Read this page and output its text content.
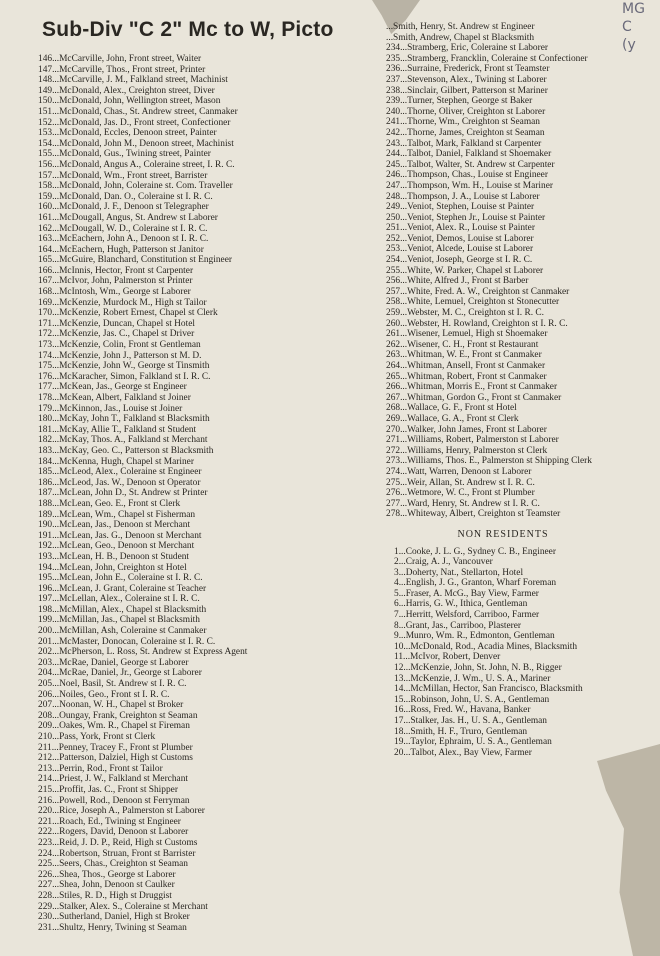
MG
C
(y
Sub-Div "C 2" Mc to W, Picto
146...McCarville, John, Front street, Waiter
147...McCarville, Thos., Front street, Printer
148...McCarville, J. M., Falkland street, Machinist
149...McDonald, Alex., Creighton street, Diver
150...McDonald, John, Wellington street, Mason
151...McDonald, Chas., St. Andrew street, Canmaker
152...McDonald, Jas. D., Front street, Confectioner
153...McDonald, Eccles, Denoon street, Painter
154...McDonald, John M., Denoon street, Machinist
155...McDonald, Gus., Twining street, Painter
156...McDonald, Angus A., Coleraine street, I. R. C.
157...McDonald, Wm., Front street, Barrister
158...McDonald, John, Coleraine st. Com. Traveller
159...McDonald, Dan. O., Coleraine st I. R. C.
160...McDonald, J. F., Denoon st Telegrapher
161...McDougall, Angus, St. Andrew st Laborer
162...McDougall, W. D., Coleraine st I. R. C.
163...McEachern, John A., Denoon st I. R. C.
164...McEachern, Hugh, Patterson st Janitor
165...McGuire, Blanchard, Constitution st Engineer
166...McInnis, Hector, Front st Carpenter
167...McIvor, John, Palmerston st Printer
168...McIntosh, Wm., George st Laborer
169...McKenzie, Murdock M., High st Tailor
170...McKenzie, Robert Ernest, Chapel st Clerk
171...McKenzie, Duncan, Chapel st Hotel
172...McKenzie, Jas. C., Chapel st Driver
173...McKenzie, Colin, Front st Gentleman
174...McKenzie, John J., Patterson st M. D.
175...McKenzie, John W., George st Tinsmith
176...McKaracher, Simon, Falkland st I. R. C.
177...McKean, Jas., George st Engineer
178...McKean, Albert, Falkland st Joiner
179...McKinnon, Jas., Louise st Joiner
180...McKay, John T., Falkland st Blacksmith
181...McKay, Allie T., Falkland st Student
182...McKay, Thos. A., Falkland st Merchant
183...McKay, Geo. C., Patterson st Blacksmith
184...McKenna, Hugh, Chapel st Mariner
185...McLeod, Alex., Coleraine st Engineer
186...McLeod, Jas. W., Denoon st Operator
187...McLean, John D., St. Andrew st Printer
188...McLean, Geo. E., Front st Clerk
189...McLean, Wm., Chapel st Fisherman
190...McLean, Jas., Denoon st Merchant
191...McLean, Jas. G., Denoon st Merchant
192...McLean, Geo., Denoon st Merchant
193...McLean, H. B., Denoon st Student
194...McLean, John, Creighton st Hotel
195...McLean, John E., Coleraine st I. R. C.
196...McLean, J. Grant, Coleraine st Teacher
197...McLellan, Alex., Coleraine st I. R. C.
198...McMillan, Alex., Chapel st Blacksmith
199...McMillan, Jas., Chapel st Blacksmith
200...McMillan, Ash, Coleraine st Canmaker
201...McMaster, Donocan, Coleraine st I. R. C.
202...McPherson, L. Ross, St. Andrew st Express Agent
203...McRae, Daniel, George st Laborer
204...McRae, Daniel, Jr., George st Laborer
205...Noel, Basil, St. Andrew st I. R. C.
206...Noiles, Geo., Front st I. R. C.
207...Noonan, W. H., Chapel st Broker
208...Oungay, Frank, Creighton st Seaman
209...Oakes, Wm. R., Chapel st Fireman
210...Pass, York, Front st Clerk
211...Penney, Tracey F., Front st Plumber
212...Patterson, Dalziel, High st Customs
213...Perrin, Rod., Front st Tailor
214...Priest, J. W., Falkland st Merchant
215...Proffit, Jas. C., Front st Shipper
216...Powell, Rod., Denoon st Ferryman
220...Rice, Joseph A., Palmerston st Laborer
221...Roach, Ed., Twining st Engineer
222...Rogers, David, Denoon st Laborer
223...Reid, J. D. P., Reid, High st Customs
224...Robertson, Struan, Front st Barrister
225...Seers, Chas., Creighton st Seaman
226...Shea, Thos., George st Laborer
227...Shea, John, Denoon st Caulker
228...Stiles, R. D., High st Druggist
229...Stalker, Alex. S., Coleraine st Merchant
230...Sutherland, Daniel, High st Broker
231...Shultz, Henry, Twining st Seaman
...Smith, Henry, St. Andrew st Engineer
...Smith, Andrew, Chapel st Blacksmith
234...Stramberg, Eric, Coleraine st Laborer
235...Stramberg, Francklin, Coleraine st Confectioner
236...Surraine, Frederick, Front st Teamster
237...Stevenson, Alex., Twining st Laborer
238...Sinclair, Gilbert, Patterson st Mariner
239...Turner, Stephen, George st Baker
240...Thorne, Oliver, Creighton st Laborer
241...Thorne, Wm., Creighton st Seaman
242...Thorne, James, Creighton st Seaman
243...Talbot, Mark, Falkland st Carpenter
244...Talbot, Daniel, Falkland st Shoemaker
245...Talbot, Walter, St. Andrew st Carpenter
246...Thompson, Chas., Louise st Engineer
247...Thompson, Wm. H., Louise st Mariner
248...Thompson, J. A., Louise st Laborer
249...Veniot, Stephen, Louise st Painter
250...Veniot, Stephen Jr., Louise st Painter
251...Veniot, Alex. R., Louise st Painter
252...Veniot, Demos, Louise st Laborer
253...Veniot, Alcede, Louise st Laborer
254...Veniot, Joseph, George st I. R. C.
255...White, W. Parker, Chapel st Laborer
256...White, Alfred J., Front st Barber
257...White, Fred. A. W., Creighton st Canmaker
258...White, Lemuel, Creighton st Stonecutter
259...Webster, M. C., Creighton st I. R. C.
260...Webster, H. Rowland, Creighton st I. R. C.
261...Wisener, Lemuel, High st Shoemaker
262...Wisener, C. H., Front st Restaurant
263...Whitman, W. E., Front st Canmaker
264...Whitman, Ansell, Front st Canmaker
265...Whitman, Robert, Front st Canmaker
266...Whitman, Morris E., Front st Canmaker
267...Whitman, Gordon G., Front st Canmaker
268...Wallace, G. F., Front st Hotel
269...Wallace, G. A., Front st Clerk
270...Walker, John James, Front st Laborer
271...Williams, Robert, Palmerston st Laborer
272...Williams, Henry, Palmerston st Clerk
273...Williams, Thos. E., Palmerston st Shipping Clerk
274...Watt, Warren, Denoon st Laborer
275...Weir, Allan, St. Andrew st I. R. C.
276...Wetmore, W. C., Front st Plumber
277...Ward, Henry, St. Andrew st I. R. C.
278...Whiteway, Albert, Creighton st Teamster
NON RESIDENTS
1...Cooke, J. L. G., Sydney C. B., Engineer
2...Craig, A. J., Vancouver
3...Doherty, Nat., Stellarton, Hotel
4...English, J. G., Granton, Wharf Foreman
5...Fraser, A. McG., Bay View, Farmer
6...Harris, G. W., Ithica, Gentleman
7...Herritt, Welsford, Carriboo, Farmer
8...Grant, Jas., Carriboo, Plasterer
9...Munro, Wm. R., Edmonton, Gentleman
10...McDonald, Rod., Acadia Mines, Blacksmith
11...McIvor, Robert, Denver
12...McKenzie, John, St. John, N. B., Rigger
13...McKenzie, J. Wm., U. S. A., Mariner
14...McMillan, Hector, San Francisco, Blacksmith
15...Robinson, John, U. S. A., Gentleman
16...Ross, Fred. W., Havana, Banker
17...Stalker, Jas. H., U. S. A., Gentleman
18...Smith, H. F., Truro, Gentleman
19...Taylor, Ephraim, U. S. A., Gentleman
20...Talbot, Alex., Bay View, Farmer
